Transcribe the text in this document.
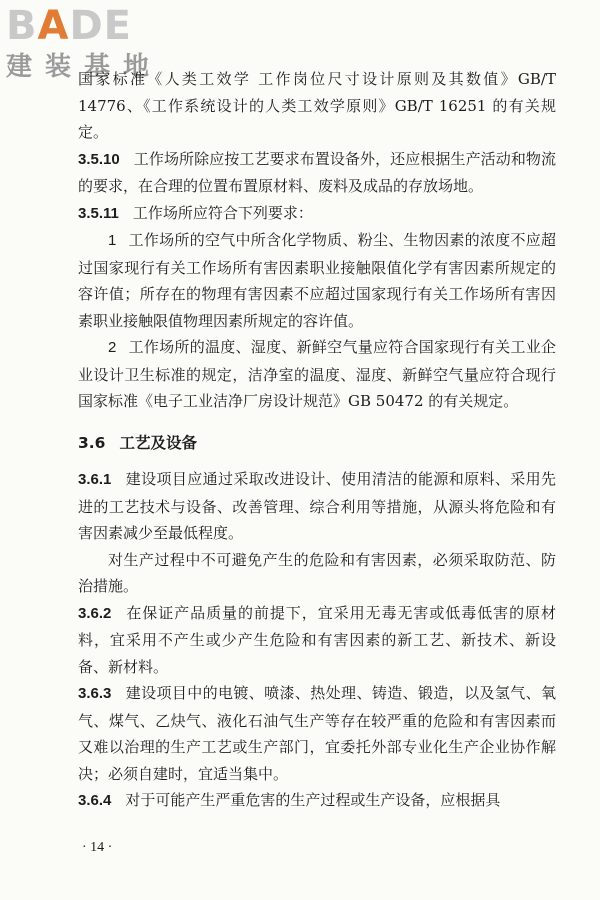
BADE
建装基地

国家标准《人类工效学 工作岗位尺寸设计原则及其数值》GB/T 14776、《工作系统设计的人类工效学原则》GB/T 16251 的有关规定。

3.5.10 工作场所除应按工艺要求布置设备外，还应根据生产活动和物流的要求，在合理的位置布置原材料、废料及成品的存放场地。

3.5.11 工作场所应符合下列要求：

1 工作场所的空气中所含化学物质、粉尘、生物因素的浓度不应超过国家现行有关工作场所有害因素职业接触限值化学有害因素所规定的容许值；所存在的物理有害因素不应超过国家现行有关工作场所有害因素职业接触限值物理因素所规定的容许值。

2 工作场所的温度、湿度、新鲜空气量应符合国家现行有关工业企业设计卫生标准的规定，洁净室的温度、湿度、新鲜空气量应符合现行国家标准《电子工业洁净厂房设计规范》GB 50472 的有关规定。

3.6 工艺及设备

3.6.1 建设项目应通过采取改进设计、使用清洁的能源和原料、采用先进的工艺技术与设备、改善管理、综合利用等措施，从源头将危险和有害因素减少至最低程度。

对生产过程中不可避免产生的危险和有害因素，必须采取防范、防治措施。

3.6.2 在保证产品质量的前提下，宜采用无毒无害或低毒低害的原材料，宜采用不产生或少产生危险和有害因素的新工艺、新技术、新设备、新材料。

3.6.3 建设项目中的电镀、喷漆、热处理、铸造、锻造，以及氢气、氧气、煤气、乙炔气、液化石油气生产等存在较严重的危险和有害因素而又难以治理的生产工艺或生产部门，宜委托外部专业化生产企业协作解决；必须自建时，宜适当集中。

3.6.4 对于可能产生严重危害的生产过程或生产设备，应根据具

· 14 ·
